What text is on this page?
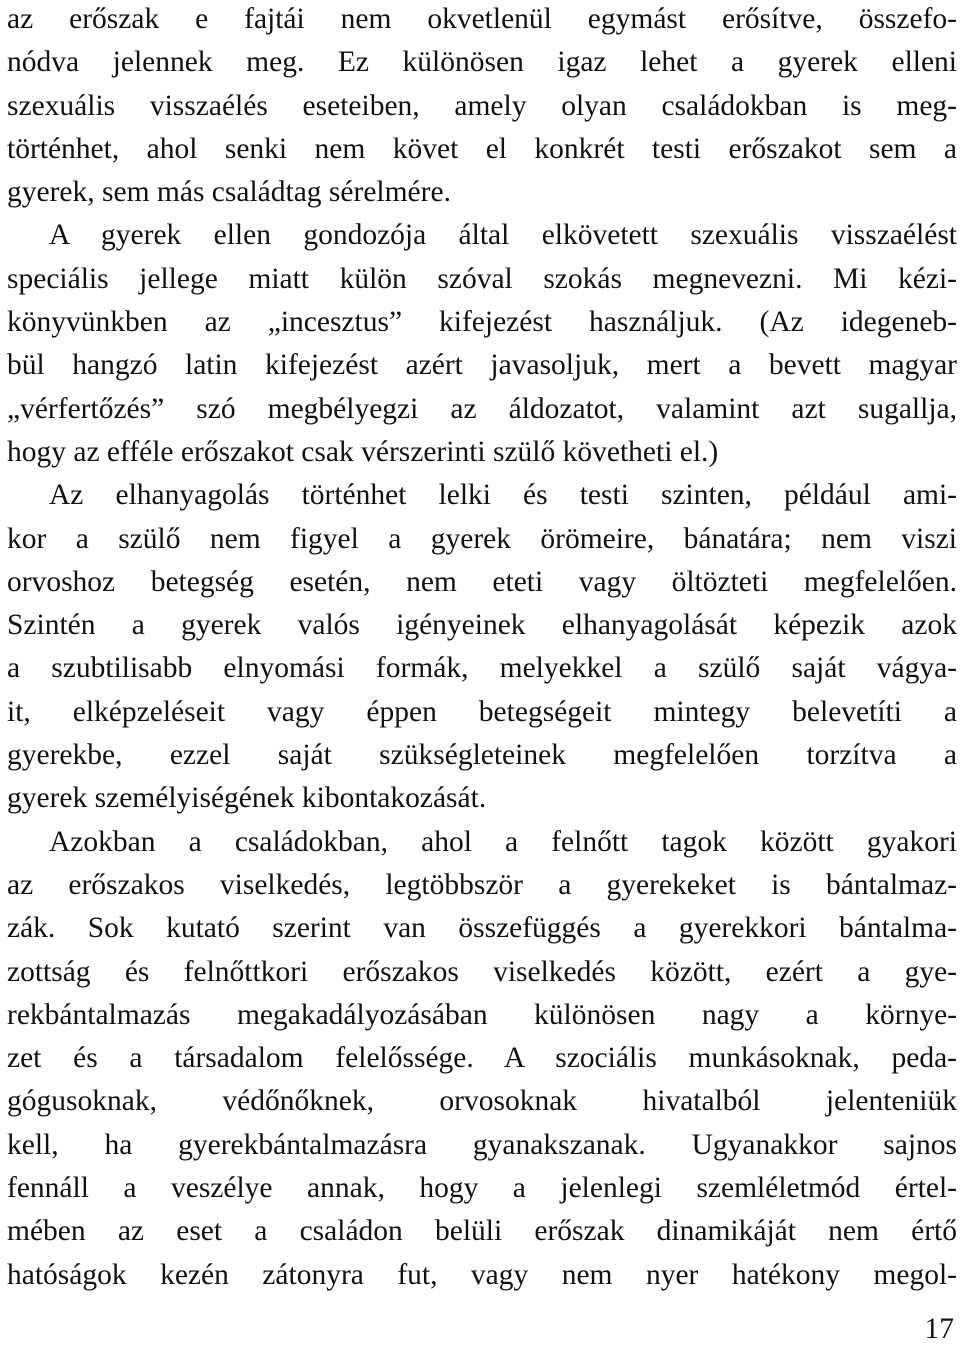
az erőszak e fajtái nem okvetlenül egymást erősítve, összefo-
nódva jelennek meg. Ez különösen igaz lehet a gyerek elleni
szexuális visszaélés eseteiben, amely olyan családokban is meg-
történhet, ahol senki nem követ el konkrét testi erőszakot sem a
gyerek, sem más családtag sérelmére.
A gyerek ellen gondozója által elkövetett szexuális visszaélést
speciális jellege miatt külön szóval szokás megnevezni. Mi kézi-
könyvünkben az „incesztus” kifejezést használjuk. (Az idegeneb-
bül hangzó latin kifejezést azért javasoljuk, mert a bevett magyar
„vérfertőzés” szó megbélyegzi az áldozatot, valamint azt sugallja,
hogy az efféle erőszakot csak vérszerinti szülő követheti el.)
Az elhanyagolás történhet lelki és testi szinten, például ami-
kor a szülő nem figyel a gyerek örömeire, bánatára; nem viszi
orvoshoz betegség esetén, nem eteti vagy öltözteti megfelelően.
Szintén a gyerek valós igényeinek elhanyagolását képezik azok
a szubtilisabb elnyomási formák, melyekkel a szülő saját vágya-
it, elképzeléseit vagy éppen betegségeit mintegy belevetíti a
gyerekbe, ezzel saját szükségleteinek megfelelően torzítva a
gyerek személyiségének kibontakozását.
Azokban a családokban, ahol a felnőtt tagok között gyakori
az erőszakos viselkedés, legtöbbször a gyerekeket is bántalmaz-
zák. Sok kutató szerint van összefüggés a gyerekkori bántalma-
zottság és felnőttkori erőszakos viselkedés között, ezért a gye-
rekbántalmazás megakadályozásában különösen nagy a környe-
zet és a társadalom felelőssége. A szociális munkásoknak, peda-
gógusoknak, védőnőknek, orvosoknak hivatalból jelenteniük
kell, ha gyerekbántalmazásra gyanakszanak. Ugyanakkor sajnos
fennáll a veszélye annak, hogy a jelenlegi szemléletmód értel-
mében az eset a családon belüli erőszak dinamikáját nem értő
hatóságok kezén zátonyra fut, vagy nem nyer hatékony megol-
17
